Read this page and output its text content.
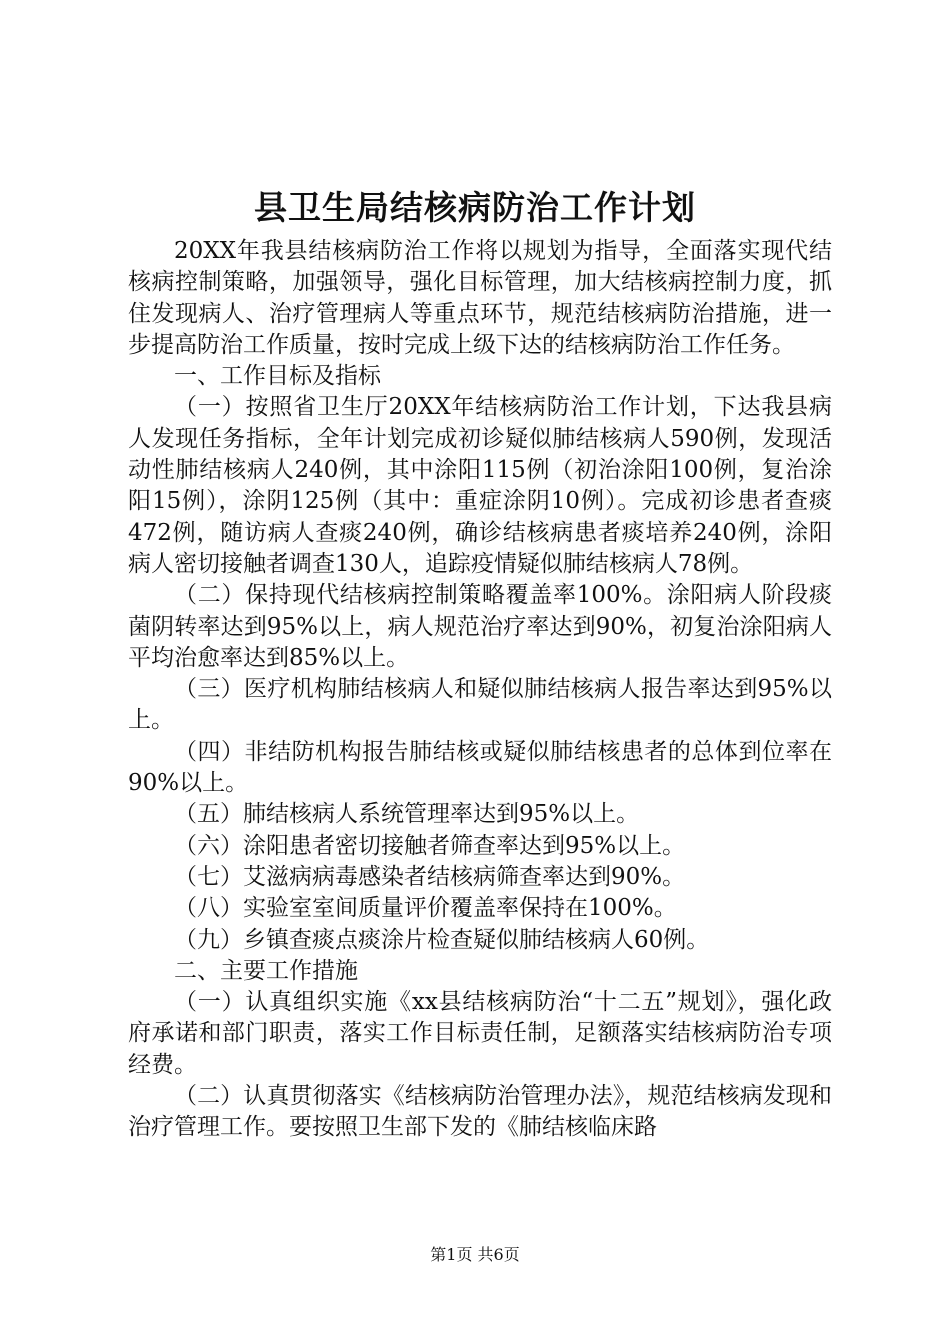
县卫生局结核病防治工作计划

20XX年我县结核病防治工作将以规划为指导，全面落实现代结核病控制策略，加强领导，强化目标管理，加大结核病控制力度，抓住发现病人、治疗管理病人等重点环节，规范结核病防治措施，进一步提高防治工作质量，按时完成上级下达的结核病防治工作任务。

一、工作目标及指标

（一）按照省卫生厅20XX年结核病防治工作计划，下达我县病人发现任务指标，全年计划完成初诊疑似肺结核病人590例，发现活动性肺结核病人240例，其中涂阳115例（初治涂阳100例，复治涂阳15例），涂阴125例（其中：重症涂阴10例）。完成初诊患者查痰472例，随访病人查痰240例，确诊结核病患者痰培养240例，涂阳病人密切接触者调查130人，追踪疫情疑似肺结核病人78例。

（二）保持现代结核病控制策略覆盖率100%。涂阳病人阶段痰菌阴转率达到95%以上，病人规范治疗率达到90%，初复治涂阳病人平均治愈率达到85%以上。

（三）医疗机构肺结核病人和疑似肺结核病人报告率达到95%以上。

（四）非结防机构报告肺结核或疑似肺结核患者的总体到位率在90%以上。

（五）肺结核病人系统管理率达到95%以上。

（六）涂阳患者密切接触者筛查率达到95%以上。

（七）艾滋病病毒感染者结核病筛查率达到90%。

（八）实验室室间质量评价覆盖率保持在100%。

（九）乡镇查痰点痰涂片检查疑似肺结核病人60例。

二、主要工作措施

（一）认真组织实施《xx县结核病防治“十二五”规划》，强化政府承诺和部门职责，落实工作目标责任制，足额落实结核病防治专项经费。

（二）认真贯彻落实《结核病防治管理办法》，规范结核病发现和治疗管理工作。要按照卫生部下发的《肺结核临床路

第1页 共6页
